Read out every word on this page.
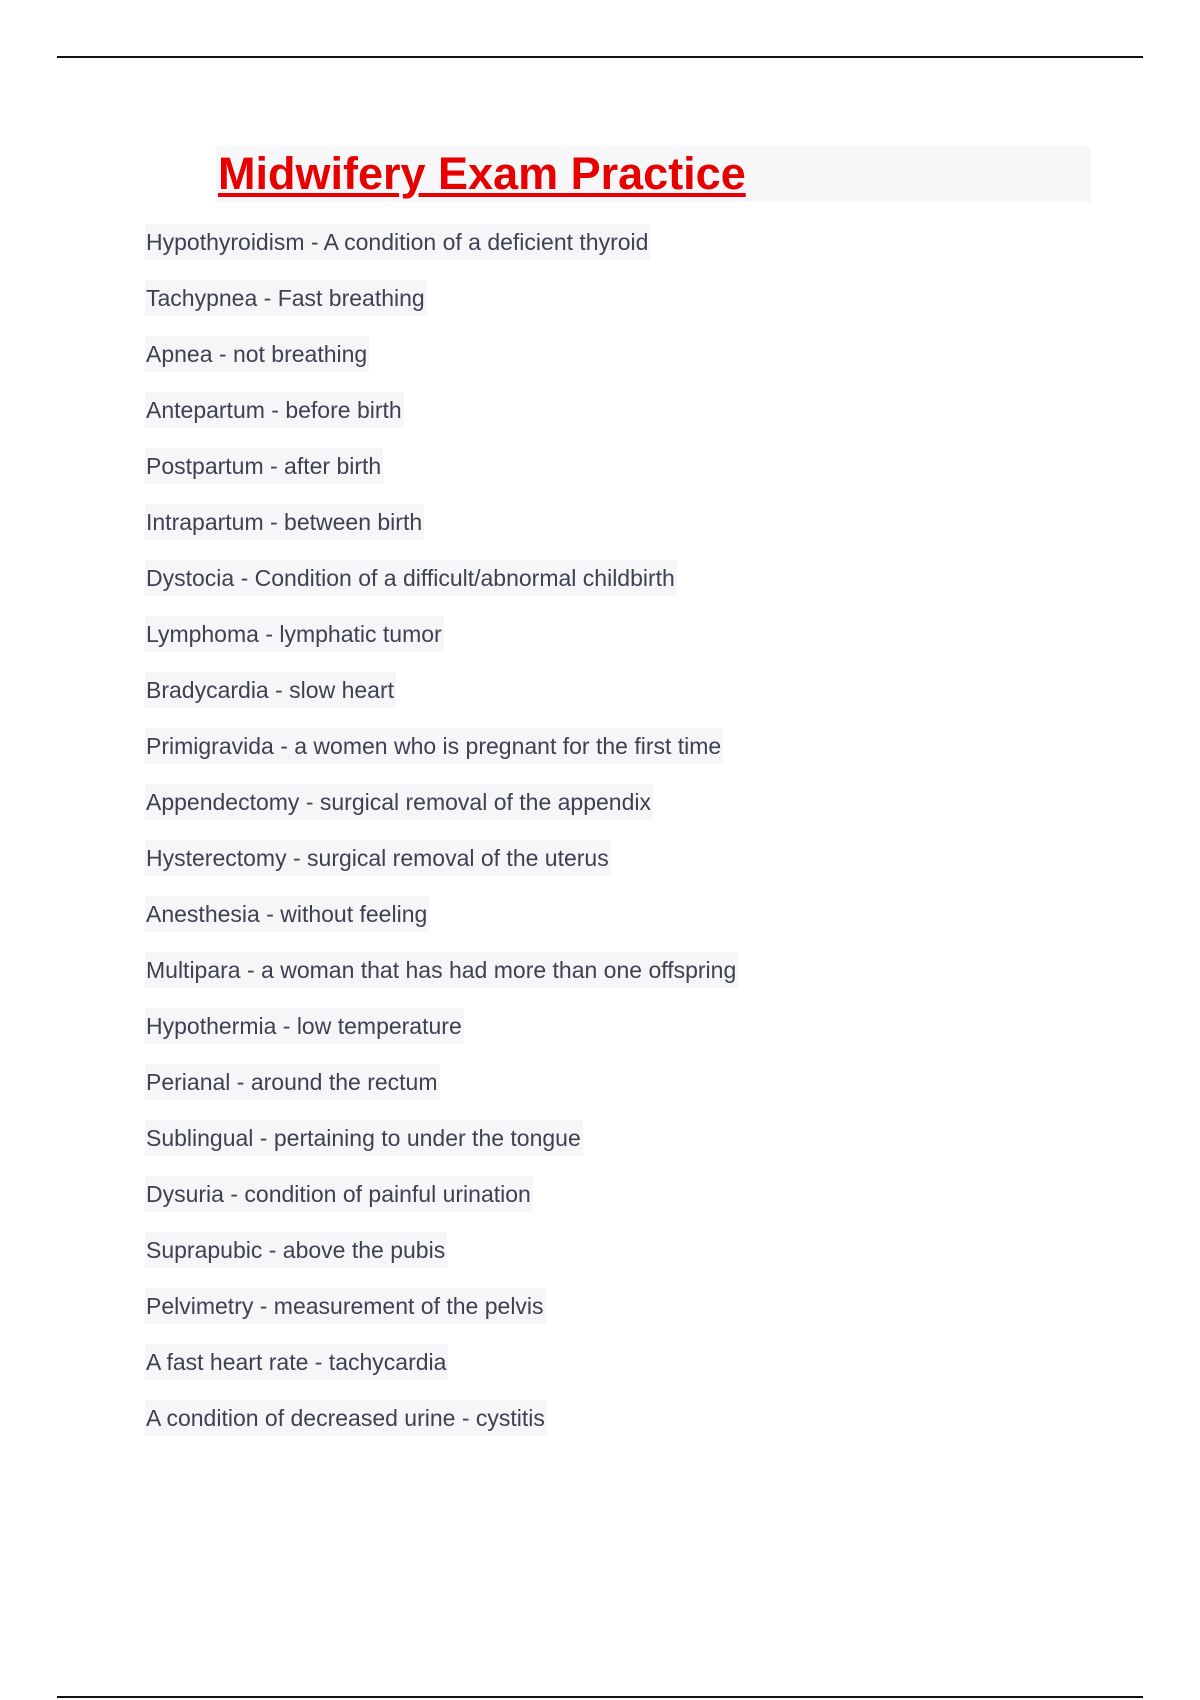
Midwifery Exam Practice
Hypothyroidism - A condition of a deficient thyroid
Tachypnea - Fast breathing
Apnea - not breathing
Antepartum - before birth
Postpartum - after birth
Intrapartum - between birth
Dystocia - Condition of a difficult/abnormal childbirth
Lymphoma - lymphatic tumor
Bradycardia - slow heart
Primigravida - a women who is pregnant for the first time
Appendectomy - surgical removal of the appendix
Hysterectomy - surgical removal of the uterus
Anesthesia - without feeling
Multipara - a woman that has had more than one offspring
Hypothermia - low temperature
Perianal - around the rectum
Sublingual - pertaining to under the tongue
Dysuria - condition of painful urination
Suprapubic - above the pubis
Pelvimetry - measurement of the pelvis
A fast heart rate - tachycardia
A condition of decreased urine - cystitis
